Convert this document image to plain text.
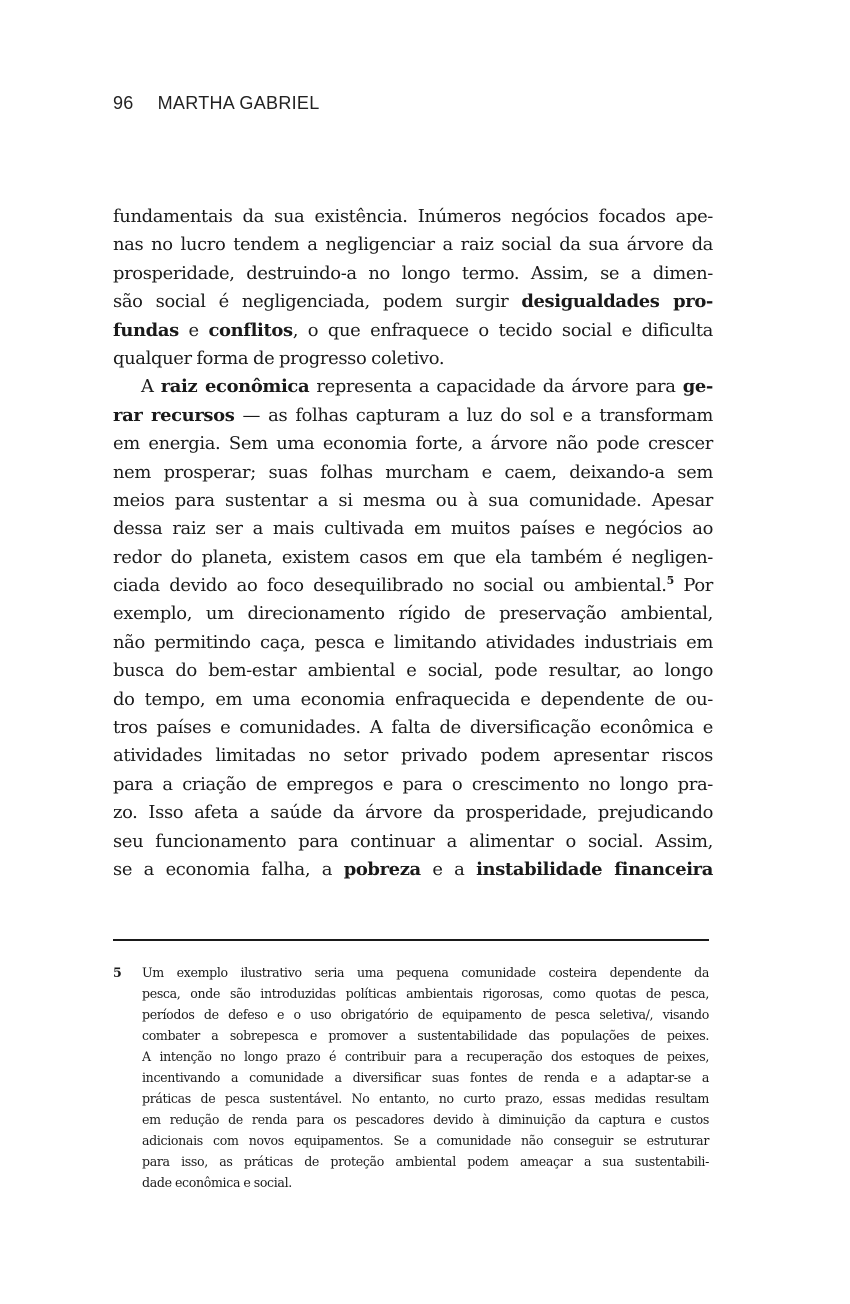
96 MARTHA GABRIEL
fundamentais da sua existência. Inúmeros negócios focados ape-
nas no lucro tendem a negligenciar a raiz social da sua árvore da
prosperidade, destruindo-a no longo termo. Assim, se a dimen-
são social é negligenciada, podem surgir desigualdades pro-
fundas e conflitos, o que enfraquece o tecido social e dificulta
qualquer forma de progresso coletivo.
A raiz econômica representa a capacidade da árvore para ge-
rar recursos — as folhas capturam a luz do sol e a transformam
em energia. Sem uma economia forte, a árvore não pode crescer
nem prosperar; suas folhas murcham e caem, deixando-a sem
meios para sustentar a si mesma ou à sua comunidade. Apesar
dessa raiz ser a mais cultivada em muitos países e negócios ao
redor do planeta, existem casos em que ela também é negligen-
ciada devido ao foco desequilibrado no social ou ambiental.$^5$ Por
exemplo, um direcionamento rígido de preservação ambiental,
não permitindo caça, pesca e limitando atividades industriais em
busca do bem-estar ambiental e social, pode resultar, ao longo
do tempo, em uma economia enfraquecida e dependente de ou-
tros países e comunidades. A falta de diversificação econômica e
atividades limitadas no setor privado podem apresentar riscos
para a criação de empregos e para o crescimento no longo pra-
zo. Isso afeta a saúde da árvore da prosperidade, prejudicando
seu funcionamento para continuar a alimentar o social. Assim,
se a economia falha, a pobreza e a instabilidade financeira
5 Um exemplo ilustrativo seria uma pequena comunidade costeira dependente da
pesca, onde são introduzidas políticas ambientais rigorosas, como quotas de pesca,
períodos de defeso e o uso obrigatório de equipamento de pesca seletiva/, visando
combater a sobrepesca e promover a sustentabilidade das populações de peixes.
A intenção no longo prazo é contribuir para a recuperação dos estoques de peixes,
incentivando a comunidade a diversificar suas fontes de renda e a adaptar-se a
práticas de pesca sustentável. No entanto, no curto prazo, essas medidas resultam
em redução de renda para os pescadores devido à diminuição da captura e custos
adicionais com novos equipamentos. Se a comunidade não conseguir se estruturar
para isso, as práticas de proteção ambiental podem ameaçar a sua sustentabili-
dade econômica e social.
